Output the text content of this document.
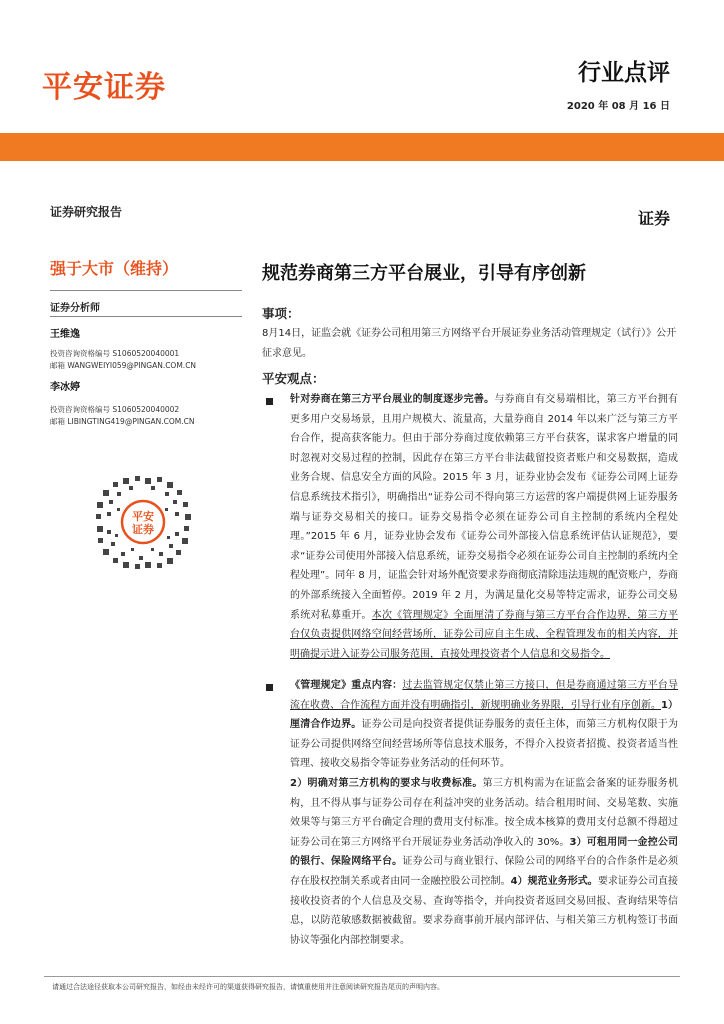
平安证券	行业点评
2020 年 08 月 16 日
证券研究报告	证券
强于大市（维持）
证券分析师
王维逸
投资咨询资格编号 S1060520040001
邮箱 WANGWEIYI059@PINGAN.COM.CN
李冰婷
投资咨询资格编号 S1060520040002
邮箱 LIBINGTING419@PINGAN.COM.CN
平安
证券
规范券商第三方平台展业，引导有序创新
事项：
8月14日，证监会就《证券公司租用第三方网络平台开展证券业务活动管理规定（试行）》公开征求意见。
平安观点：
针对券商在第三方平台展业的制度逐步完善。与券商自有交易端相比，第三方平台拥有更多用户交易场景，且用户规模大、流量高，大量券商自 2014 年以来广泛与第三方平台合作，提高获客能力。但由于部分券商过度依赖第三方平台获客，谋求客户增量的同时忽视对交易过程的控制，因此存在第三方平台非法截留投资者账户和交易数据，造成业务合规、信息安全方面的风险。2015 年 3 月，证券业协会发布《证券公司网上证券信息系统技术指引》，明确指出“证券公司不得向第三方运营的客户端提供网上证券服务端与证券交易相关的接口。证券交易指令必须在证券公司自主控制的系统内全程处理。”2015 年 6 月，证券业协会发布《证券公司外部接入信息系统评估认证规范》，要求“证券公司使用外部接入信息系统，证券交易指令必须在证券公司自主控制的系统内全程处理”。同年 8 月，证监会针对场外配资要求券商彻底清除违法违规的配资账户，券商的外部系统接入全面暂停。2019 年 2 月，为满足量化交易等特定需求，证券公司交易系统对私募重开。本次《管理规定》全面厘清了券商与第三方平台合作边界，第三方平台仅负责提供网络空间经营场所，证券公司应自主生成、全程管理发布的相关内容，并明确提示进入证券公司服务范围，直接处理投资者个人信息和交易指令。
《管理规定》重点内容：过去监管规定仅禁止第三方接口，但是券商通过第三方平台导流在收费、合作流程方面并没有明确指引，新规明确业务界限，引导行业有序创新。1）厘清合作边界。证券公司是向投资者提供证券服务的责任主体，而第三方机构仅限于为证券公司提供网络空间经营场所等信息技术服务，不得介入投资者招揽、投资者适当性管理、接收交易指令等证券业务活动的任何环节。
2）明确对第三方机构的要求与收费标准。第三方机构需为在证监会备案的证券服务机构，且不得从事与证券公司存在利益冲突的业务活动。结合租用时间、交易笔数、实施效果等与第三方平台确定合理的费用支付标准。按全成本核算的费用支付总额不得超过证券公司在第三方网络平台开展证券业务活动净收入的 30%。3）可租用同一金控公司的银行、保险网络平台。证券公司与商业银行、保险公司的网络平台的合作条件是必须存在股权控制关系或者由同一金融控股公司控制。4）规范业务形式。要求证券公司直接接收投资者的个人信息及交易、查询等指令，并向投资者返回交易回报、查询结果等信息，以防范敏感数据被截留。要求券商事前开展内部评估、与相关第三方机构签订书面协议等强化内部控制要求。
请通过合法途径获取本公司研究报告，如经由未经许可的渠道获得研究报告，请慎重使用并注意阅读研究报告尾页的声明内容。
